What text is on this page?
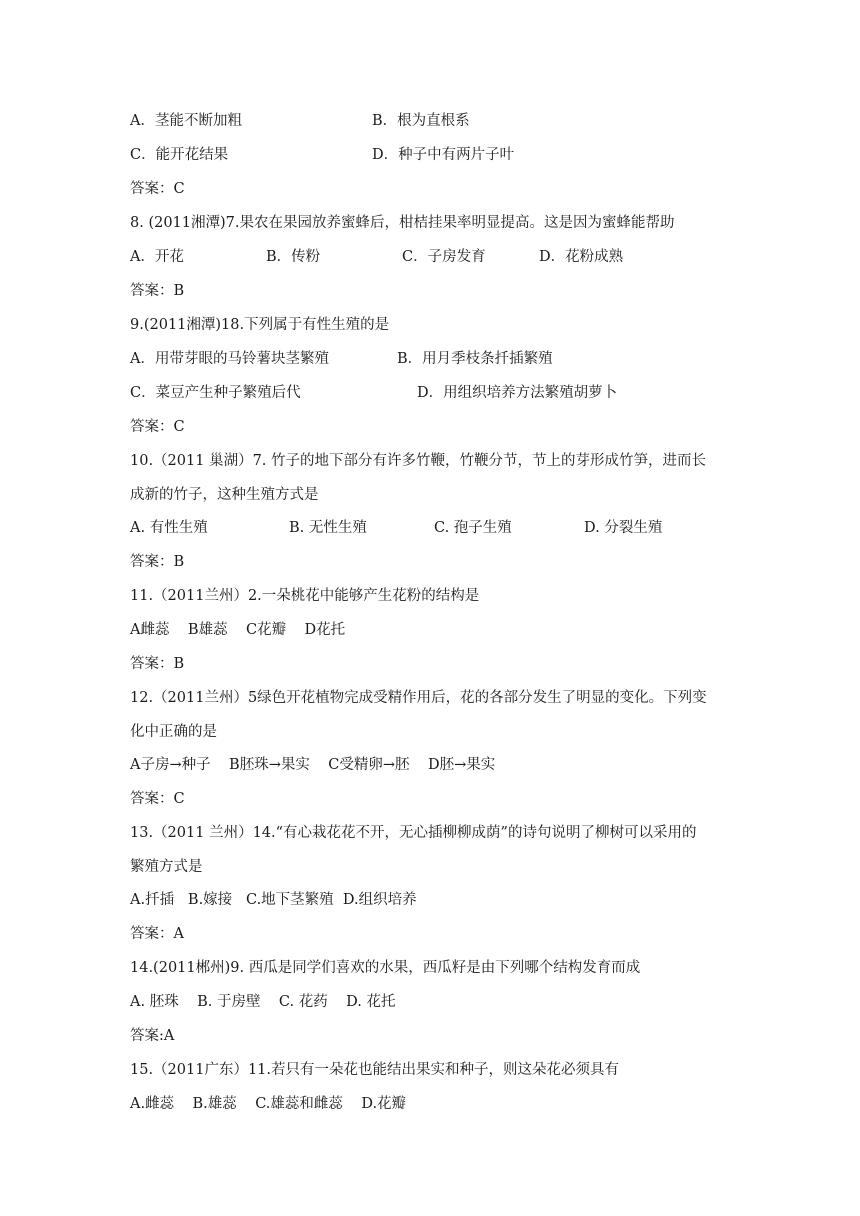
A．茎能不断加粗	B．根为直根系
C．能开花结果	D．种子中有两片子叶
答案：C
8. (2011湘潭)7.果农在果园放养蜜蜂后，柑桔挂果率明显提高。这是因为蜜蜂能帮助
A．开花	B．传粉	C．子房发育	D．花粉成熟
答案：B
9.(2011湘潭)18.下列属于有性生殖的是
A．用带芽眼的马铃薯块茎繁殖	B．用月季枝条扦插繁殖
C．菜豆产生种子繁殖后代	D．用组织培养方法繁殖胡萝卜
答案：C
10.（2011 巢湖）7. 竹子的地下部分有许多竹鞭，竹鞭分节，节上的芽形成竹笋，进而长
成新的竹子，这种生殖方式是
A. 有性生殖	B. 无性生殖	C. 孢子生殖	D. 分裂生殖
答案：B
11.（2011兰州）2.一朵桃花中能够产生花粉的结构是
A雌蕊    B雄蕊    C花瓣    D花托
答案：B
12.（2011兰州）5绿色开花植物完成受精作用后，花的各部分发生了明显的变化。下列变
化中正确的是
A子房→种子    B胚珠→果实    C受精卵→胚    D胚→果实
答案：C
13.（2011 兰州）14.“有心栽花花不开，无心插柳柳成荫”的诗句说明了柳树可以采用的
繁殖方式是
A.扦插   B.嫁接   C.地下茎繁殖  D.组织培养
答案：A
14.(2011郴州)9. 西瓜是同学们喜欢的水果，西瓜籽是由下列哪个结构发育而成
A. 胚珠    B. 于房壁    C. 花药    D. 花托
答案:A
15.（2011广东）11.若只有一朵花也能结出果实和种子，则这朵花必须具有
A.雌蕊    B.雄蕊    C.雄蕊和雌蕊    D.花瓣
